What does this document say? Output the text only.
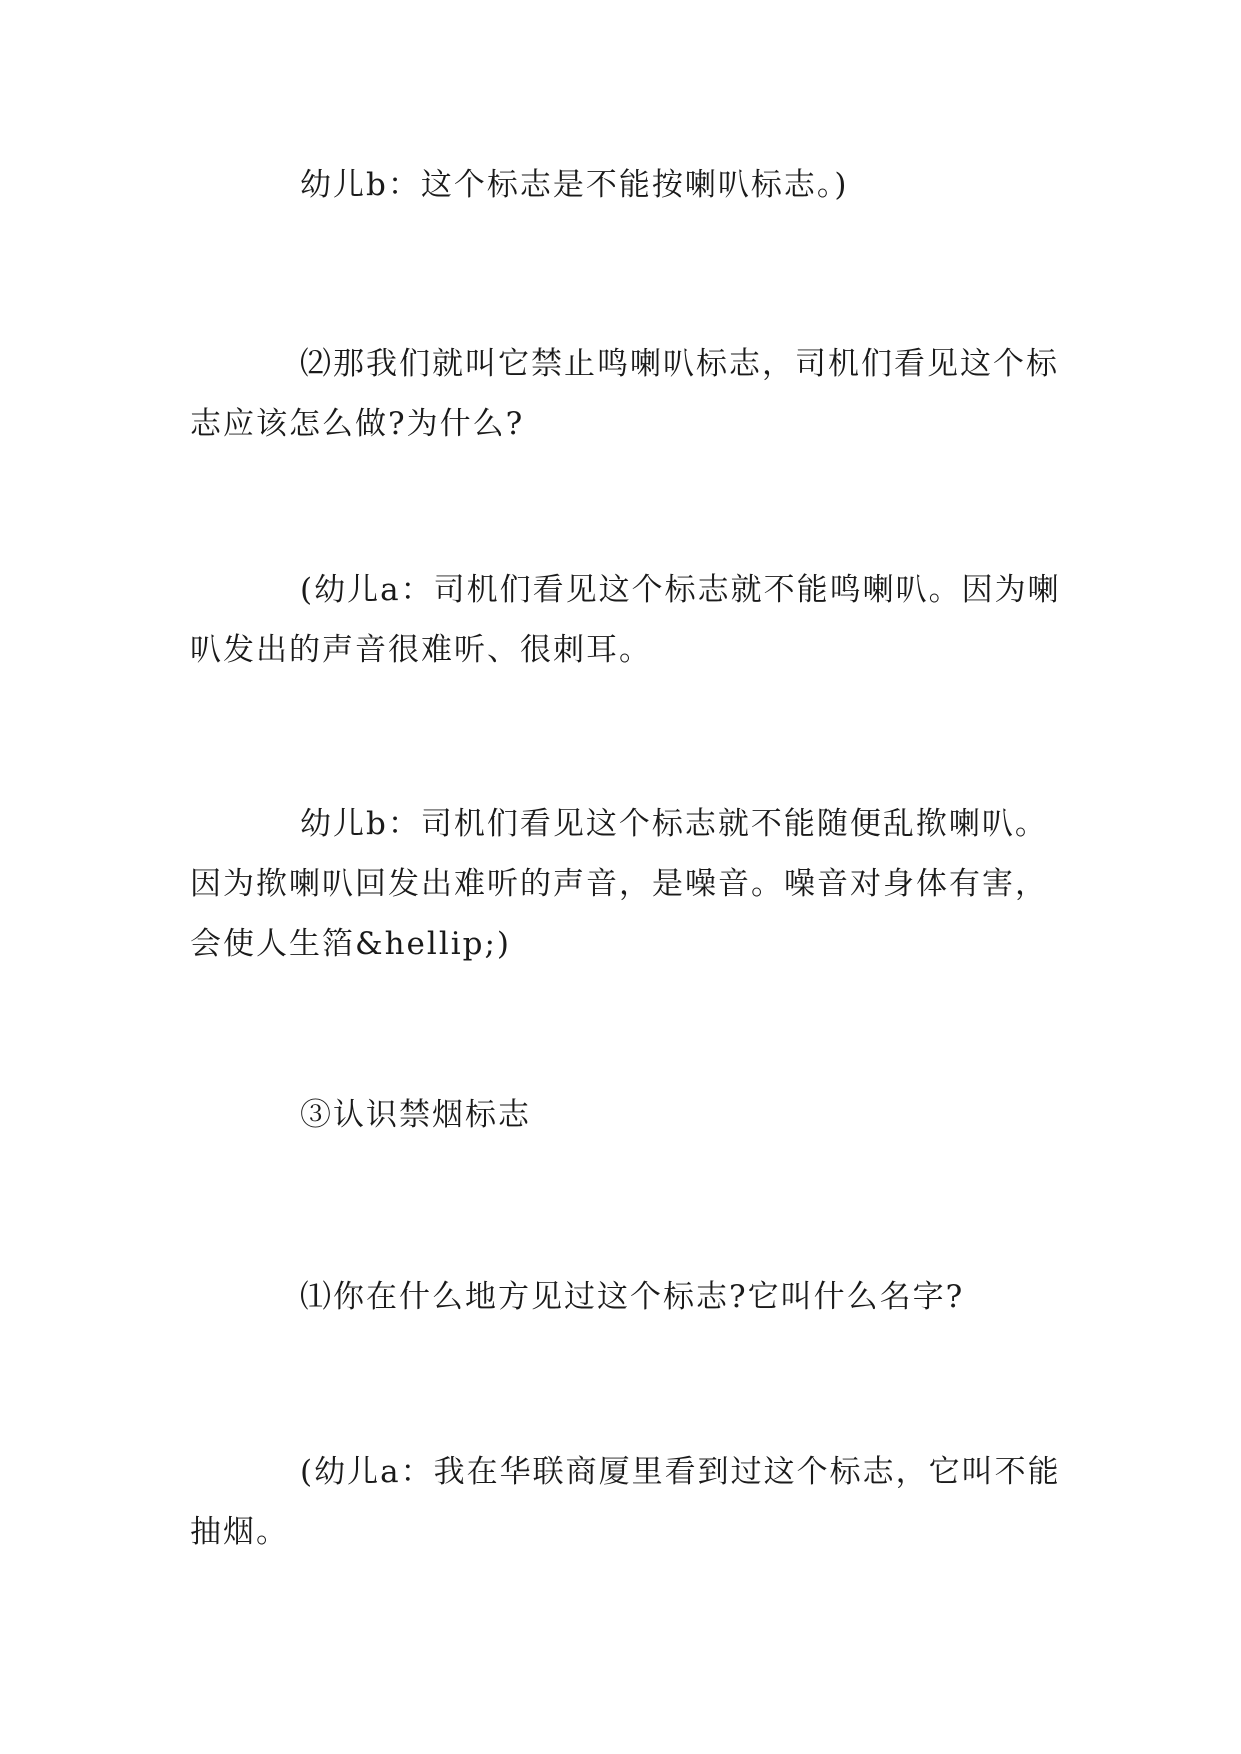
幼儿b：这个标志是不能按喇叭标志。)

⑵那我们就叫它禁止鸣喇叭标志，司机们看见这个标志应该怎么做?为什么?

(幼儿a：司机们看见这个标志就不能鸣喇叭。因为喇叭发出的声音很难听、很刺耳。

幼儿b：司机们看见这个标志就不能随便乱揿喇叭。因为揿喇叭回发出难听的声音，是噪音。噪音对身体有害，会使人生箔&hellip;)

③认识禁烟标志

⑴你在什么地方见过这个标志?它叫什么名字?

(幼儿a：我在华联商厦里看到过这个标志，它叫不能抽烟。
